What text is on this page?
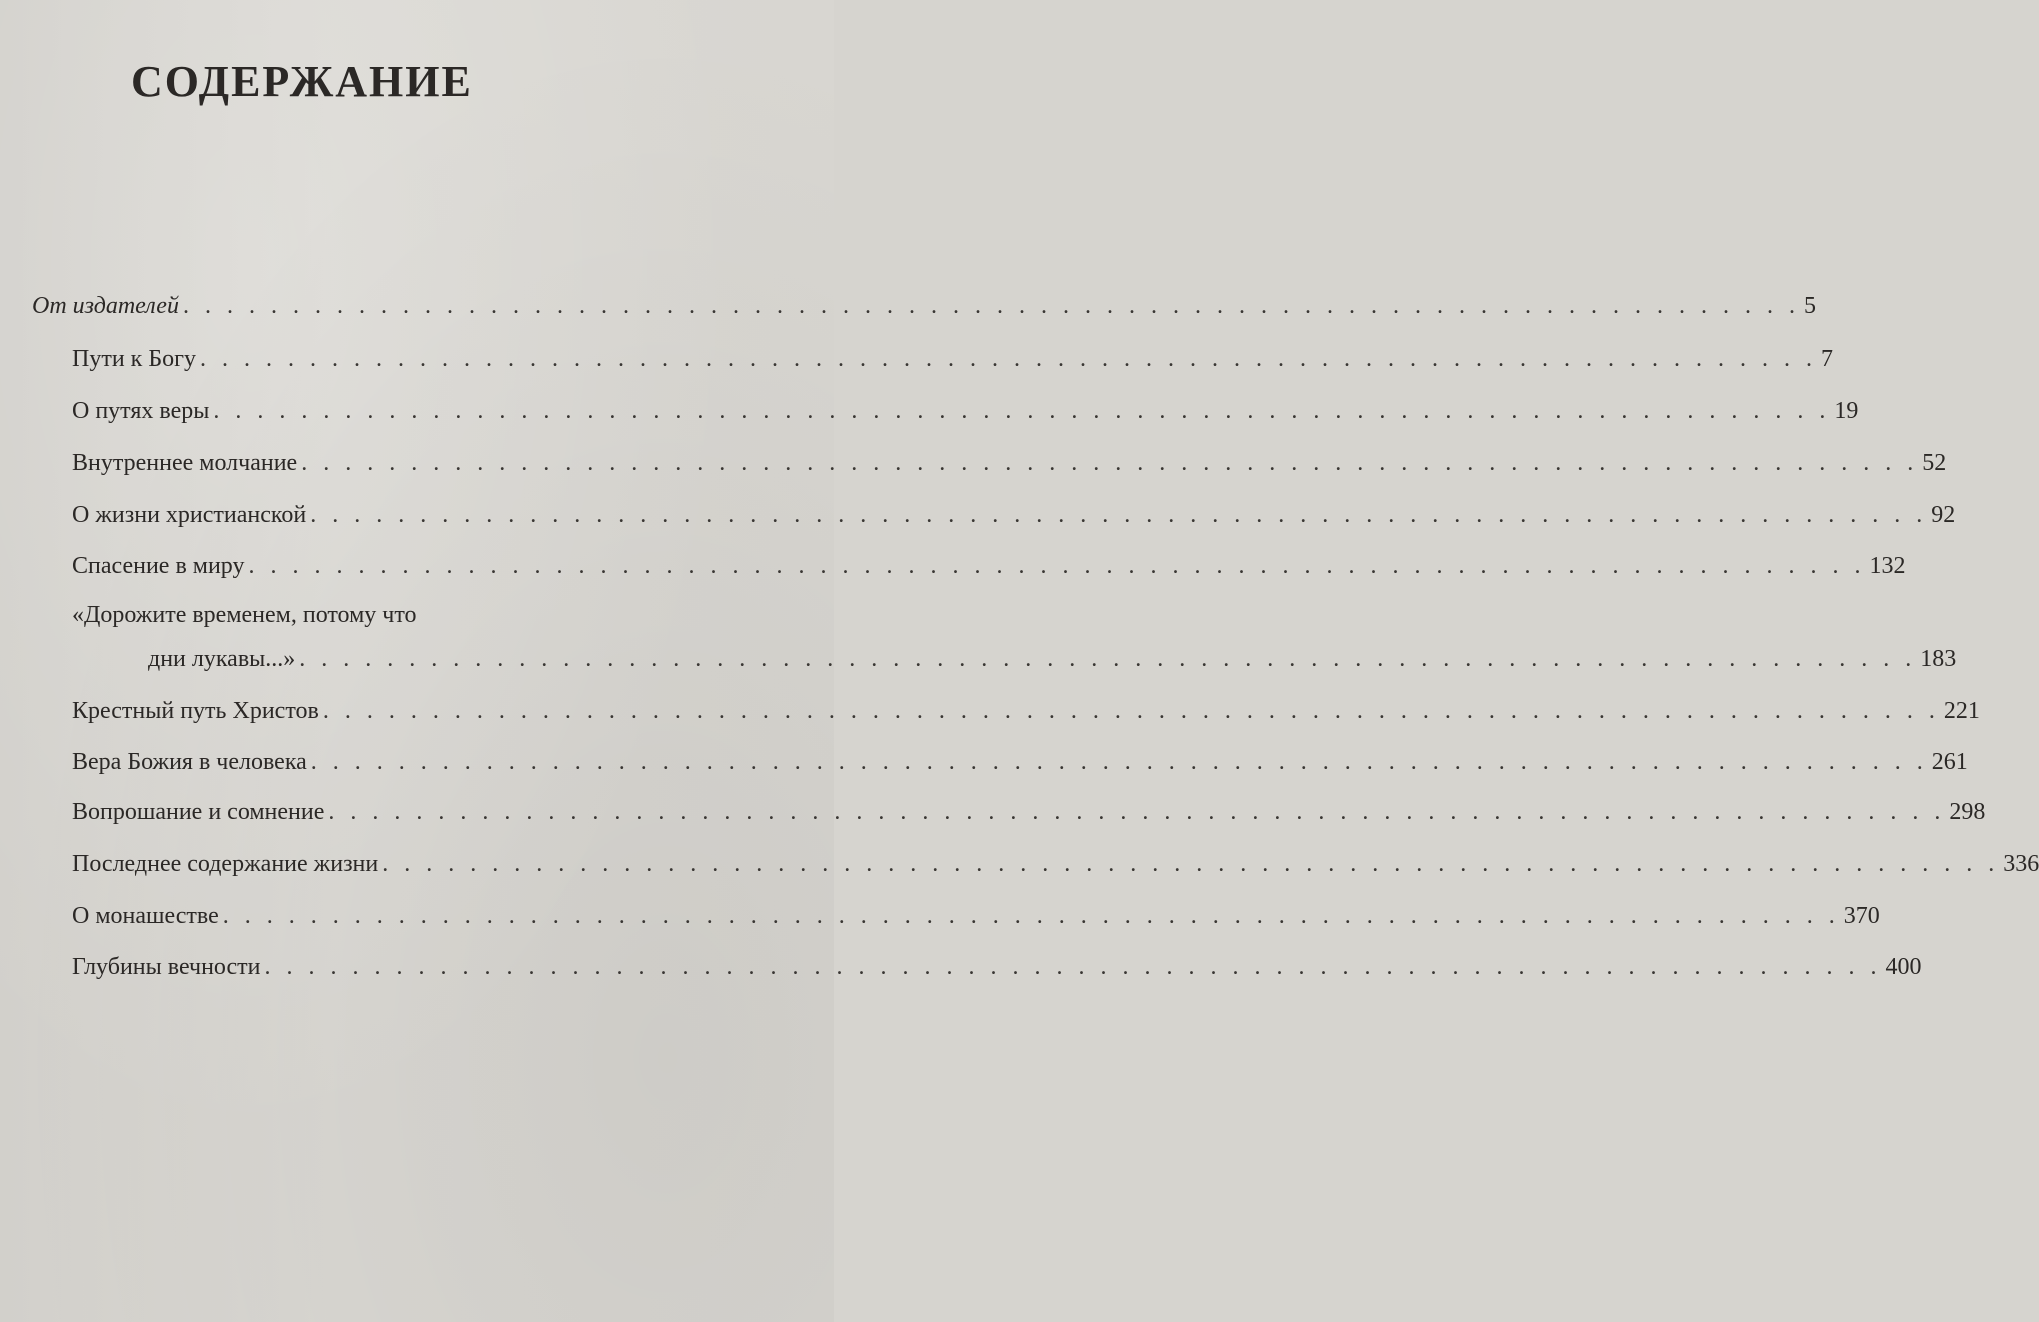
СОДЕРЖАНИЕ
От издателей . . . . . . . . . . . . . . . . . . . . . . . . . . . . . . . . . . . . . . . . . . . . . . . . . . . . . . . . . . . . . . . . . . . . . . . . . . 5
Пути к Богу . . . . . . . . . . . . . . . . . . . . . . . . . . . . . . . . . . . . . . . . . . . . . . . . . . . . . . . . . . . . . . . . . . . . . . . . . . 7
О путях веры . . . . . . . . . . . . . . . . . . . . . . . . . . . . . . . . . . . . . . . . . . . . . . . . . . . . . . . . . . . . . . . . . . . . . . . . . . 19
Внутреннее молчание . . . . . . . . . . . . . . . . . . . . . . . . . . . . . . . . . . . . . . . . . . . . . . . . . . . . . . . . . . . . . . . . . . . . . . . . . . 52
О жизни христианской . . . . . . . . . . . . . . . . . . . . . . . . . . . . . . . . . . . . . . . . . . . . . . . . . . . . . . . . . . . . . . . . . . . . . . . . . . 92
Спасение в миру . . . . . . . . . . . . . . . . . . . . . . . . . . . . . . . . . . . . . . . . . . . . . . . . . . . . . . . . . . . . . . . . . . . . . . . . . . 132
«Дорожите временем, потому что
дни лукавы...» . . . . . . . . . . . . . . . . . . . . . . . . . . . . . . . . . . . . . . . . . . . . . . . . . . . . . . . . . . . . . . . . . . . . . . . . . . 183
Крестный путь Христов . . . . . . . . . . . . . . . . . . . . . . . . . . . . . . . . . . . . . . . . . . . . . . . . . . . . . . . . . . . . . . . . . . . . . . . . . . 221
Вера Божия в человека . . . . . . . . . . . . . . . . . . . . . . . . . . . . . . . . . . . . . . . . . . . . . . . . . . . . . . . . . . . . . . . . . . . . . . . . . . 261
Вопрошание и сомнение . . . . . . . . . . . . . . . . . . . . . . . . . . . . . . . . . . . . . . . . . . . . . . . . . . . . . . . . . . . . . . . . . . . . . . . . . . 298
Последнее содержание жизни . . . . . . . . . . . . . . . . . . . . . . . . . . . . . . . . . . . . . . . . . . . . . . . . . . . . . . . . . . . . . . . . . . . . . . . . . . 336
О монашестве . . . . . . . . . . . . . . . . . . . . . . . . . . . . . . . . . . . . . . . . . . . . . . . . . . . . . . . . . . . . . . . . . . . . . . . . . . 370
Глубины вечности . . . . . . . . . . . . . . . . . . . . . . . . . . . . . . . . . . . . . . . . . . . . . . . . . . . . . . . . . . . . . . . . . . . . . . . . . . 400
